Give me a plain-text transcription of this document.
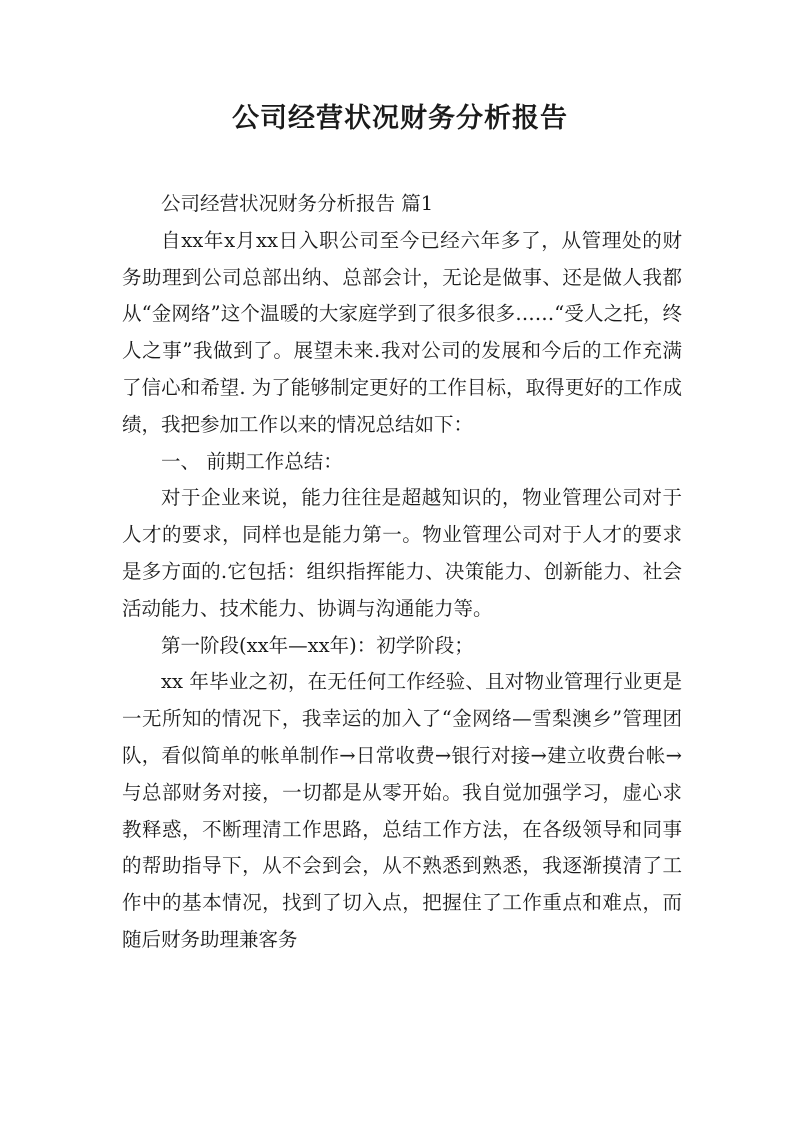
公司经营状况财务分析报告

公司经营状况财务分析报告 篇1

自xx年x月xx日入职公司至今已经六年多了，从管理处的财务助理到公司总部出纳、总部会计，无论是做事、还是做人我都从“金网络”这个温暖的大家庭学到了很多很多……“受人之托，终人之事”我做到了。展望未来.我对公司的发展和今后的工作充满了信心和希望. 为了能够制定更好的工作目标，取得更好的工作成绩，我把参加工作以来的情况总结如下：

一、 前期工作总结：

对于企业来说，能力往往是超越知识的，物业管理公司对于人才的要求，同样也是能力第一。物业管理公司对于人才的要求是多方面的.它包括：组织指挥能力、决策能力、创新能力、社会活动能力、技术能力、协调与沟通能力等。

第一阶段(xx年—xx年)：初学阶段；

xx 年毕业之初，在无任何工作经验、且对物业管理行业更是一无所知的情况下，我幸运的加入了“金网络—雪梨澳乡”管理团队，看似简单的帐单制作→日常收费→银行对接→建立收费台帐→与总部财务对接，一切都是从零开始。我自觉加强学习，虚心求教释惑，不断理清工作思路，总结工作方法，在各级领导和同事的帮助指导下，从不会到会，从不熟悉到熟悉，我逐渐摸清了工作中的基本情况，找到了切入点，把握住了工作重点和难点，而随后财务助理兼客务
